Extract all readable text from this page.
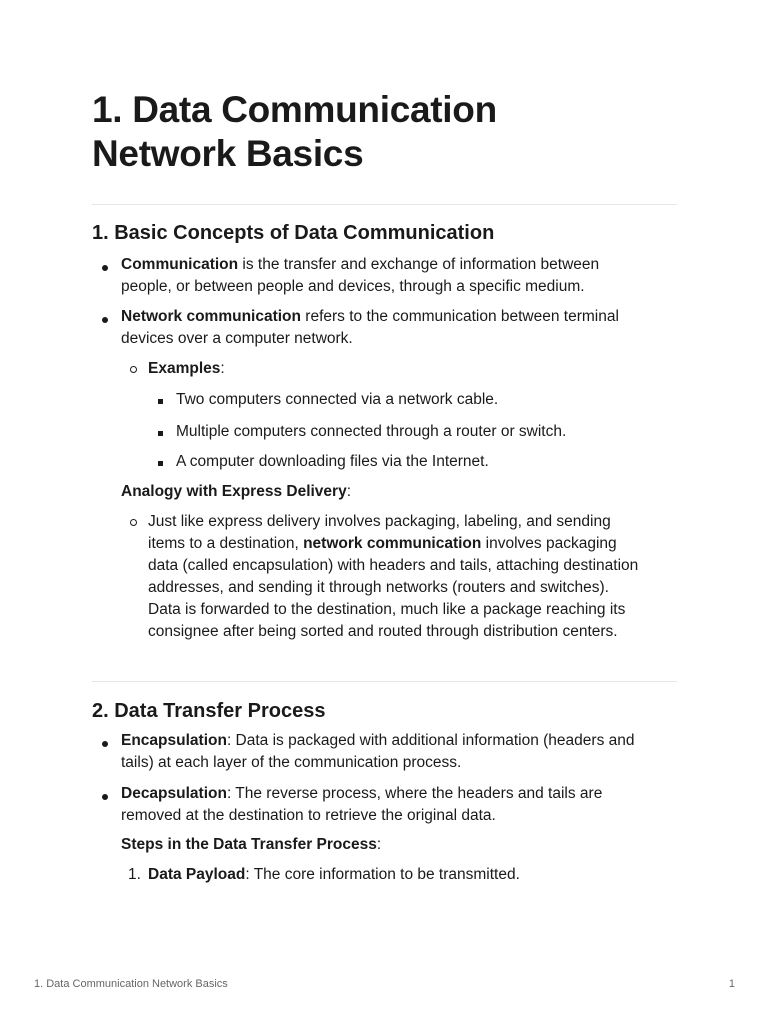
1. Data Communication
Network Basics
1. Basic Concepts of Data Communication

Communication is the transfer and exchange of information between
people, or between people and devices, through a specific medium.

Network communication refers to the communication between terminal
devices over a computer network.

Examples:

Two computers connected via a network cable.

Multiple computers connected through a router or switch.

A computer downloading files via the Internet.

Analogy with Express Delivery:

Just like express delivery involves packaging, labeling, and sending
items to a destination, network communication involves packaging
data (called encapsulation) with headers and tails, attaching destination
addresses, and sending it through networks (routers and switches).
Data is forwarded to the destination, much like a package reaching its
consignee after being sorted and routed through distribution centers.

2. Data Transfer Process

Encapsulation: Data is packaged with additional information (headers and
tails) at each layer of the communication process.

Decapsulation: The reverse process, where the headers and tails are
removed at the destination to retrieve the original data.

Steps in the Data Transfer Process:

1. Data Payload: The core information to be transmitted.

1. Data Communication Network Basics	1
